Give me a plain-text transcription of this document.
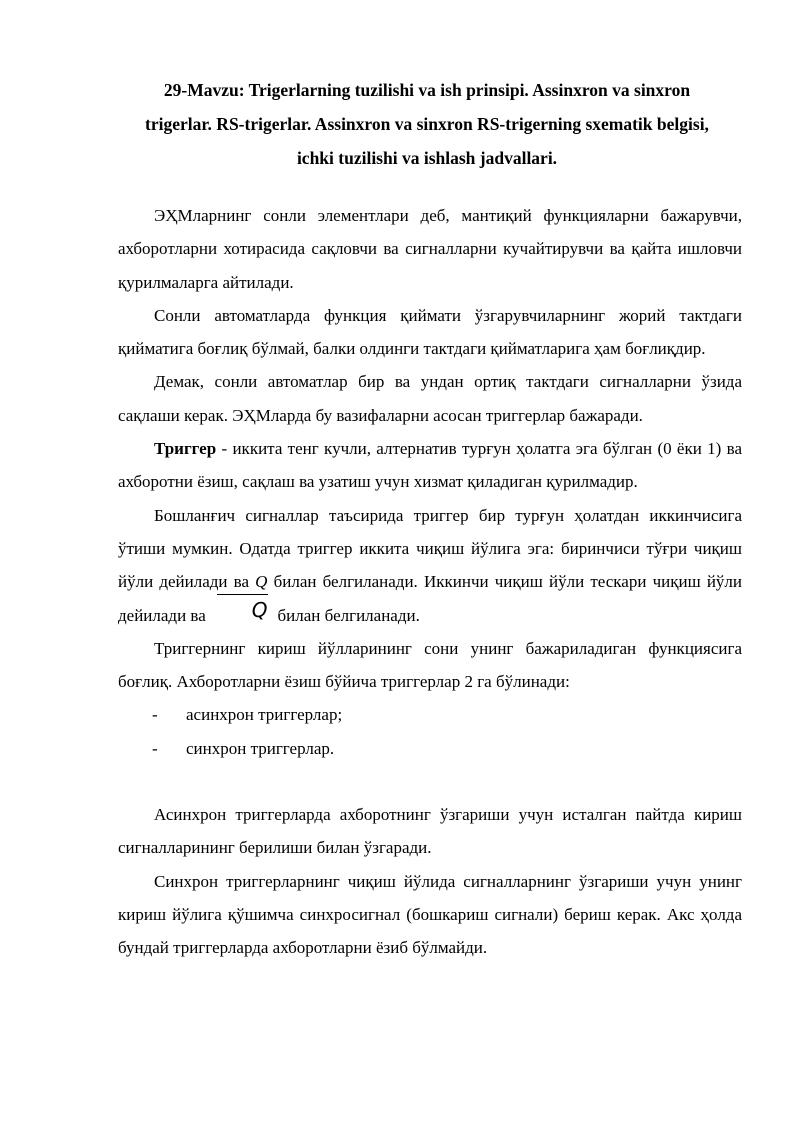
29-Mavzu: Trigerlarning tuzilishi va ish prinsipi. Assinxron va sinxron
trigerlar. RS-trigerlar. Assinxron va sinxron RS-trigerning sxematik belgisi,
ichki tuzilishi va ishlash jadvallari.

ЭҲМларнинг сонли элементлари деб, мантиқий функцияларни бажарувчи, ахборотларни хотирасида сақловчи ва сигналларни кучайтирувчи ва қайта ишловчи қурилмаларга айтилади.

Сонли автоматларда функция қиймати ўзгарувчиларнинг жорий тактдаги қийматига боғлиқ бўлмай, балки олдинги тактдаги қийматларига ҳам боғлиқдир.

Демак, сонли автоматлар бир ва ундан ортиқ тактдаги сигналларни ўзида сақлаши керак. ЭҲМларда бу вазифаларни асосан триггерлар бажаради.

Триггер - иккита тенг кучли, алтернатив турғун ҳолатга эга бўлган (0 ёки 1) ва ахборотни ёзиш, сақлаш ва узатиш учун хизмат қиладиган қурилмадир.

Бошланғич сигналлар таъсирида триггер бир турғун ҳолатдан иккинчисига ўтиши мумкин. Одатда триггер иккита чиқиш йўлига эга: биринчиси тўғри чиқиш йўли дейилади ва Q билан белгиланади. Иккинчи чиқиш йўли тескари чиқиш йўли дейилади ва Q билан белгиланади.

Триггернинг кириш йўлларининг сони унинг бажариладиган функциясига боғлиқ. Ахборотларни ёзиш бўйича триггерлар 2 га бўлинади:

- асинхрон триггерлар;
- синхрон триггерлар.

Асинхрон триггерларда ахборотнинг ўзгариши учун исталган пайтда кириш сигналларининг берилиши билан ўзгаради.

Синхрон триггерларнинг чиқиш йўлида сигналларнинг ўзгариши учун унинг кириш йўлига қўшимча синхросигнал (бошкариш сигнали) бериш керак. Акс ҳолда бундай триггерларда ахборотларни ёзиб бўлмайди.
